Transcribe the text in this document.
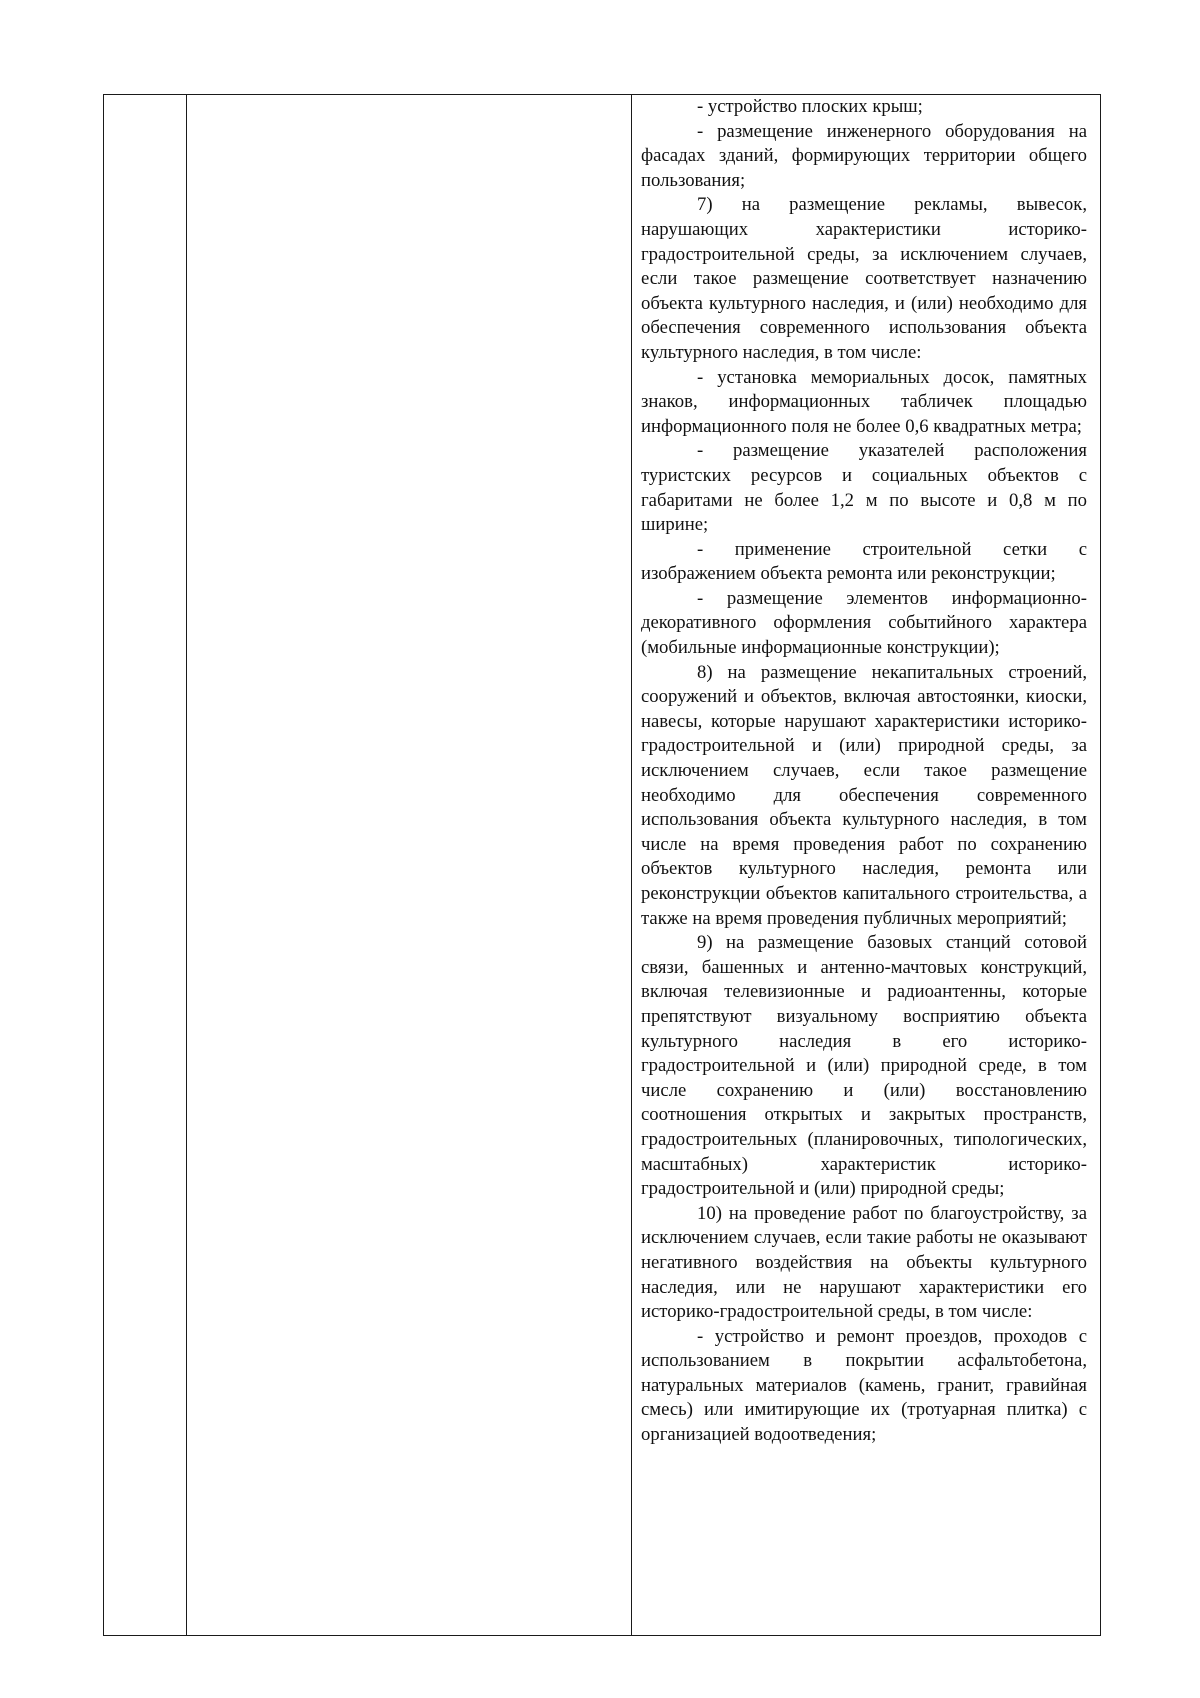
- устройство плоских крыш;

- размещение инженерного оборудования на фасадах зданий, формирующих территории общего пользования;

7) на размещение рекламы, вывесок, нарушающих характеристики историко-градостроительной среды, за исключением случаев, если такое размещение соответствует назначению объекта культурного наследия, и (или) необходимо для обеспечения современного использования объекта культурного наследия, в том числе:

- установка мемориальных досок, памятных знаков, информационных табличек площадью информационного поля не более 0,6 квадратных метра;

- размещение указателей расположения туристских ресурсов и социальных объектов с габаритами не более 1,2 м по высоте и 0,8 м по ширине;

- применение строительной сетки с изображением объекта ремонта или реконструкции;

- размещение элементов информационно-декоративного оформления событийного характера (мобильные информационные конструкции);

8) на размещение некапитальных строений, сооружений и объектов, включая автостоянки, киоски, навесы, которые нарушают характеристики историко-градостроительной и (или) природной среды, за исключением случаев, если такое размещение необходимо для обеспечения современного использования объекта культурного наследия, в том числе на время проведения работ по сохранению объектов культурного наследия, ремонта или реконструкции объектов капитального строительства, а также на время проведения публичных мероприятий;

9) на размещение базовых станций сотовой связи, башенных и антенно-мачтовых конструкций, включая телевизионные и радиоантенны, которые препятствуют визуальному восприятию объекта культурного наследия в его историко-градостроительной и (или) природной среде, в том числе сохранению и (или) восстановлению соотношения открытых и закрытых пространств, градостроительных (планировочных, типологических, масштабных) характеристик историко-градостроительной и (или) природной среды;

10) на проведение работ по благоустройству, за исключением случаев, если такие работы не оказывают негативного воздействия на объекты культурного наследия, или не нарушают характеристики его историко-градостроительной среды, в том числе:

- устройство и ремонт проездов, проходов с использованием в покрытии асфальтобетона, натуральных материалов (камень, гранит, гравийная смесь) или имитирующие их (тротуарная плитка) с организацией водоотведения;
